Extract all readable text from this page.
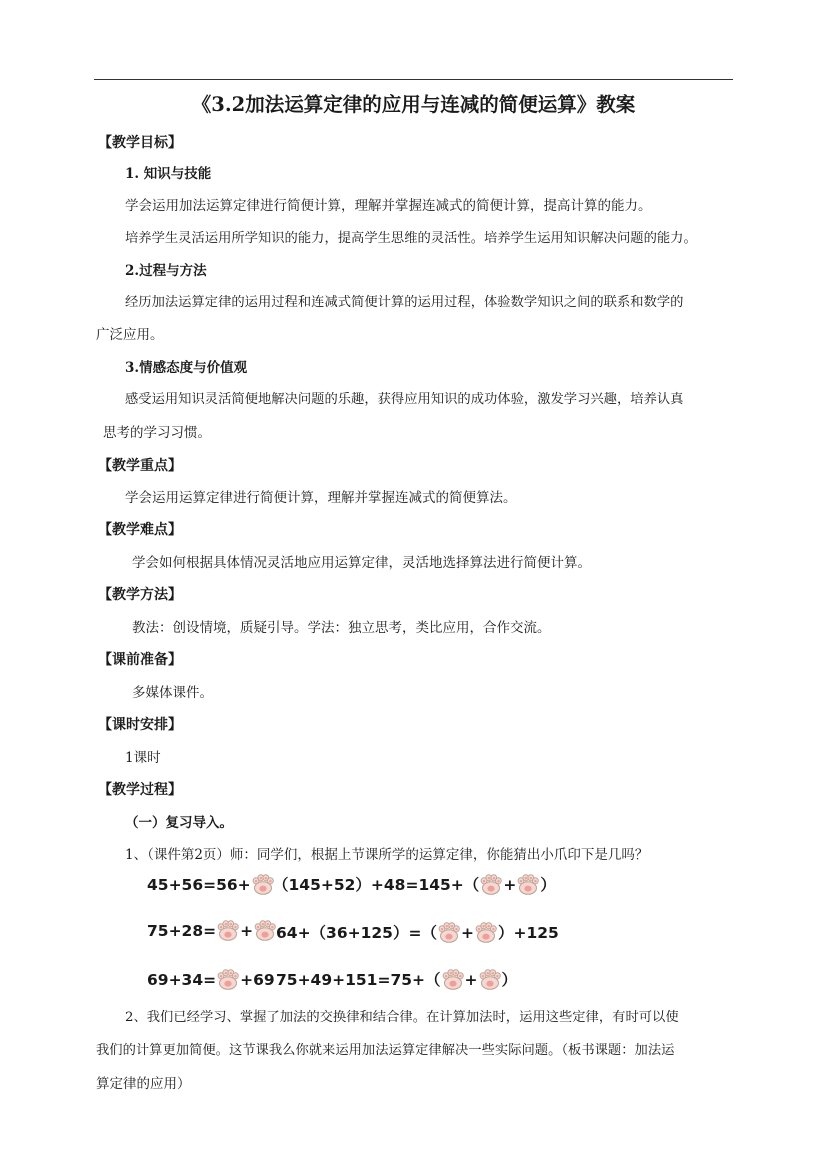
《3.2加法运算定律的应用与连减的简便运算》教案
【教学目标】
1. 知识与技能
学会运用加法运算定律进行简便计算，理解并掌握连减式的简便计算，提高计算的能力。
培养学生灵活运用所学知识的能力，提高学生思维的灵活性。培养学生运用知识解决问题的能力。
2.过程与方法
经历加法运算定律的运用过程和连减式简便计算的运用过程，体验数学知识之间的联系和数学的
广泛应用。
3.情感态度与价值观
感受运用知识灵活简便地解决问题的乐趣，获得应用知识的成功体验，激发学习兴趣，培养认真
思考的学习习惯。
【教学重点】
学会运用运算定律进行简便计算，理解并掌握连减式的简便算法。
【教学难点】
学会如何根据具体情况灵活地应用运算定律，灵活地选择算法进行简便计算。
【教学方法】
教法：创设情境，质疑引导。学法：独立思考，类比应用，合作交流。
【课前准备】
多媒体课件。
【课时安排】
1课时
【教学过程】
（一）复习导入。
1、（课件第2页）师：同学们，根据上节课所学的运算定律，你能猜出小爪印下是几吗？
45+56=56+	（145+52）+48=145+（ + ）
75+28= +	64+（36+125）=（ + ）+125
69+34= +69 75+49+151=75+（ + ）
2、我们已经学习、掌握了加法的交换律和结合律。在计算加法时，运用这些定律，有时可以使
我们的计算更加简便。这节课我么你就来运用加法运算定律解决一些实际问题。（板书课题：加法运
算定律的应用）
